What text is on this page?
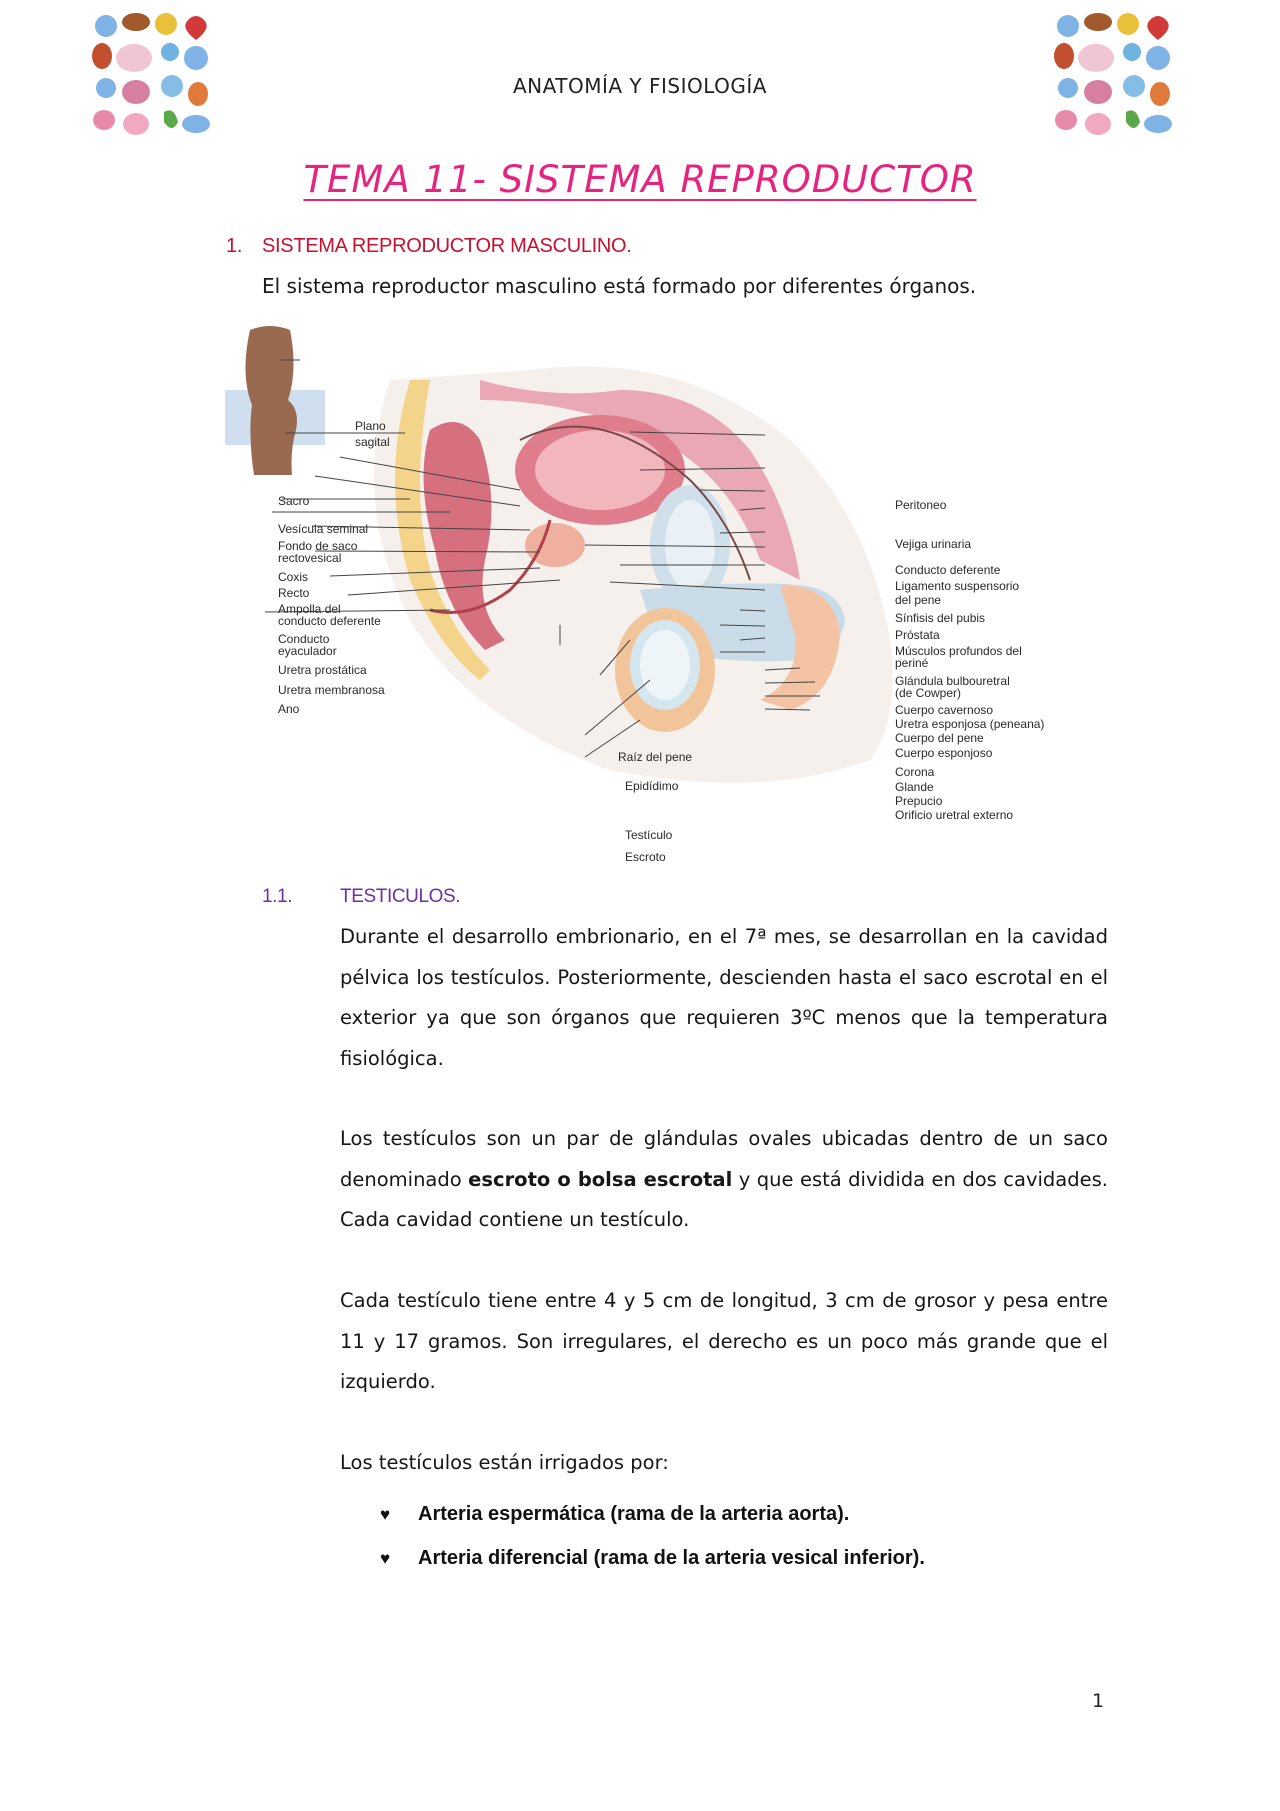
ANATOMÍA Y FISIOLOGÍA
TEMA 11- SISTEMA REPRODUCTOR
1. SISTEMA REPRODUCTOR MASCULINO.
El sistema reproductor masculino está formado por diferentes órganos.
Plano
sagital
Sacro
Vesícula seminal
Fondo de saco
rectovesical
Coxis
Recto
Ampolla del
conducto deferente
Conducto
eyaculador
Uretra prostática
Uretra membranosa
Ano
Raíz del pene
Epidídimo
Testículo
Escroto
Peritoneo
Vejiga urinaria
Conducto deferente
Ligamento suspensorio
del pene
Sínfisis del pubis
Próstata
Músculos profundos del
periné
Glándula bulbouretral
(de Cowper)
Cuerpo cavernoso
Uretra esponjosa (peneana)
Cuerpo del pene
Cuerpo esponjoso
Corona
Glande
Prepucio
Orificio uretral externo
1.1.	TESTICULOS.
Durante el desarrollo embrionario, en el 7ª mes, se desarrollan en la cavidad pélvica los testículos. Posteriormente, descienden hasta el saco escrotal en el exterior ya que son órganos que requieren 3ºC menos que la temperatura fisiológica.
Los testículos son un par de glándulas ovales ubicadas dentro de un saco denominado escroto o bolsa escrotal y que está dividida en dos cavidades. Cada cavidad contiene un testículo.
Cada testículo tiene entre 4 y 5 cm de longitud, 3 cm de grosor y pesa entre 11 y 17 gramos. Son irregulares, el derecho es un poco más grande que el izquierdo.
Los testículos están irrigados por:
♥ Arteria espermática (rama de la arteria aorta).
♥ Arteria diferencial (rama de la arteria vesical inferior).
1
